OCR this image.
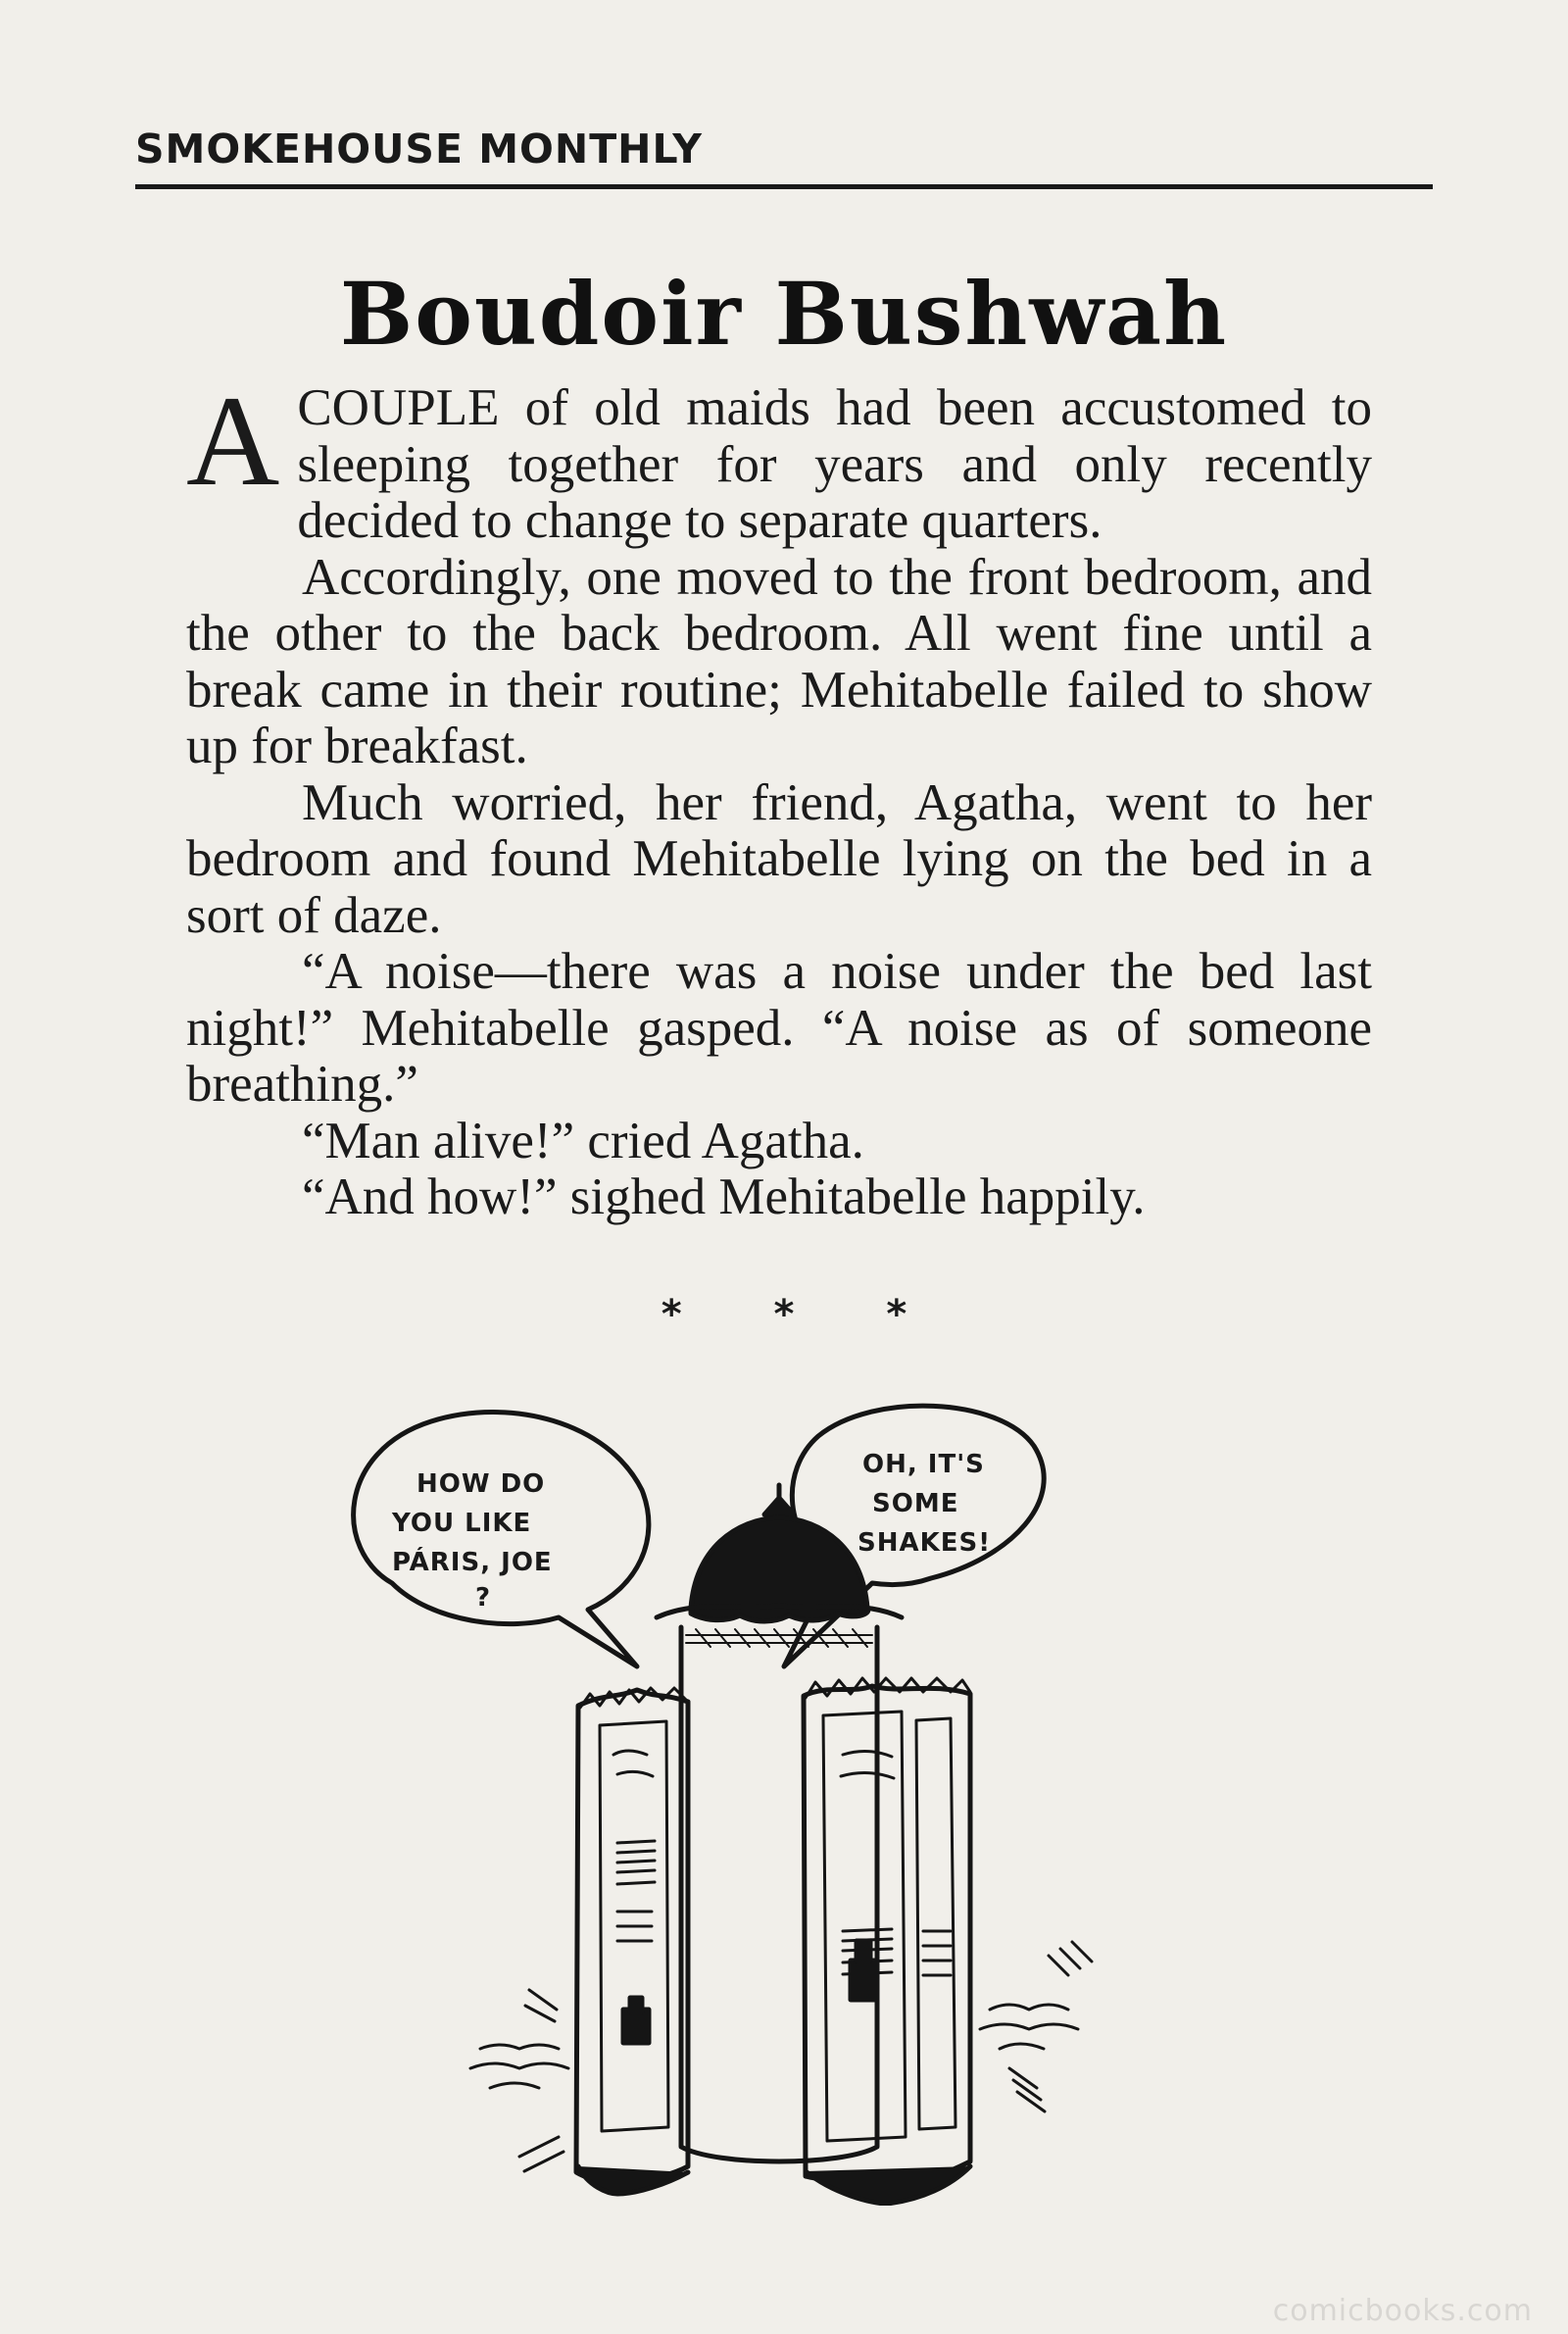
SMOKEHOUSE MONTHLY
Boudoir Bushwah

A COUPLE of old maids had been accustomed to sleeping together for years and only recently decided to change to separate quarters.

Accordingly, one moved to the front bedroom, and the other to the back bedroom. All went fine until a break came in their routine; Mehitabelle failed to show up for breakfast.

Much worried, her friend, Agatha, went to her bedroom and found Mehitabelle lying on the bed in a sort of daze.

“A noise—there was a noise under the bed last night!” Mehitabelle gasped. “A noise as of someone breathing.”

“Man alive!” cried Agatha.

“And how!” sighed Mehitabelle happily.

* * *
HOW DO
YOU LIKE
PÁRIS, JOE
?
OH, IT'S
SOME
SHAKES!
comicbooks.com
